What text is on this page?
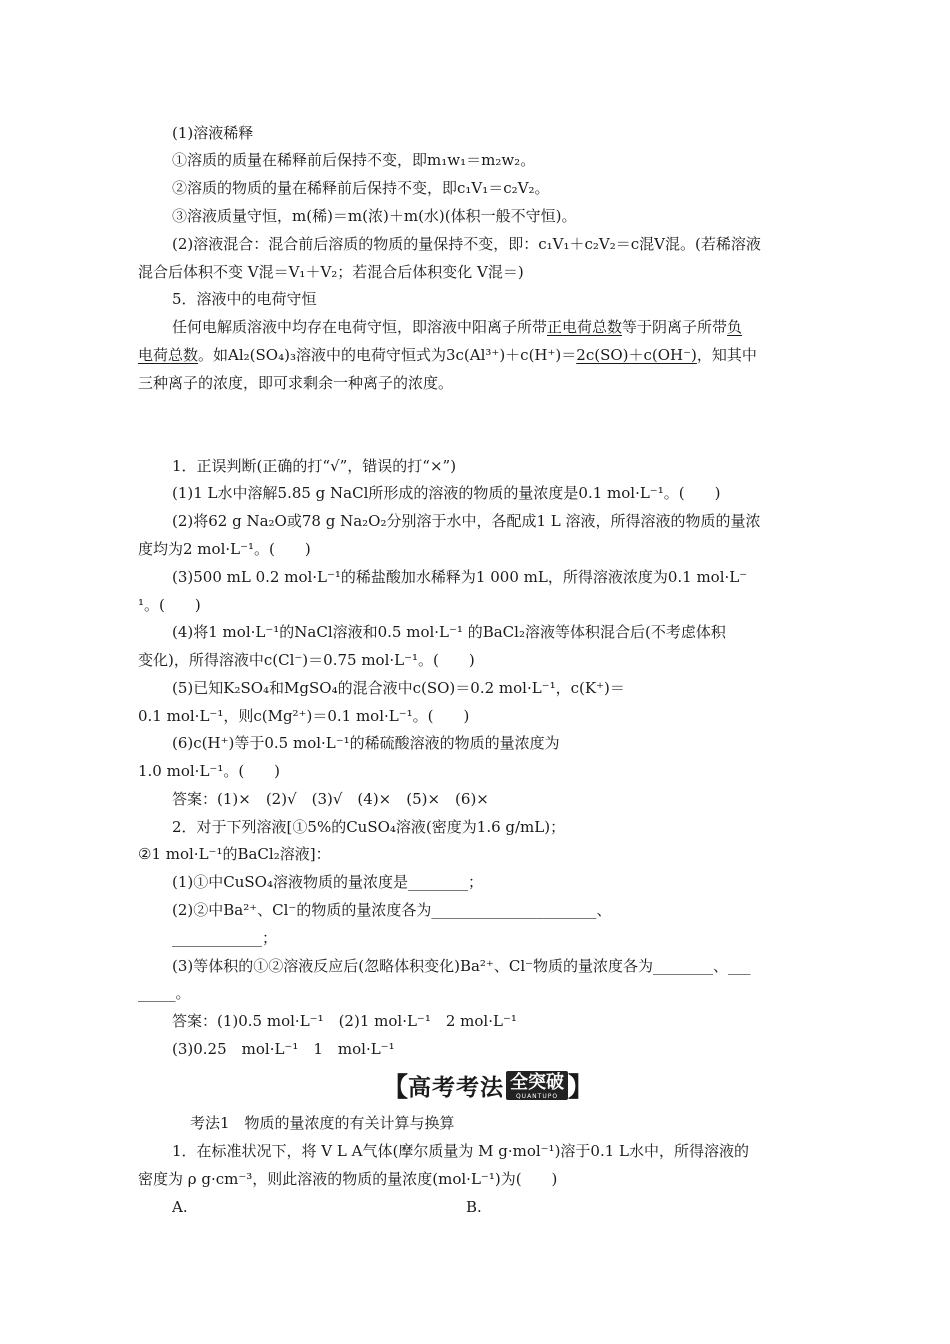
(1)溶液稀释
①溶质的质量在稀释前后保持不变，即m₁w₁＝m₂w₂。
②溶质的物质的量在稀释前后保持不变，即c₁V₁＝c₂V₂。
③溶液质量守恒，m(稀)＝m(浓)＋m(水)(体积一般不守恒)。
(2)溶液混合：混合前后溶质的物质的量保持不变，即：c₁V₁＋c₂V₂＝c混V混。(若稀溶液
混合后体积不变 V混＝V₁＋V₂；若混合后体积变化 V混＝)
5．溶液中的电荷守恒
任何电解质溶液中均存在电荷守恒，即溶液中阳离子所带正电荷总数等于阴离子所带负
电荷总数。如Al₂(SO₄)₃溶液中的电荷守恒式为3c(Al³⁺)＋c(H⁺)＝2c(SO)＋c(OH⁻)，知其中
三种离子的浓度，即可求剩余一种离子的浓度。
1．正误判断(正确的打“√”，错误的打“×”)
(1)1 L水中溶解5.85 g NaCl所形成的溶液的物质的量浓度是0.1 mol·L⁻¹。(　　)
(2)将62 g Na₂O或78 g Na₂O₂分别溶于水中，各配成1 L 溶液，所得溶液的物质的量浓
度均为2 mol·L⁻¹。(　　)
(3)500 mL 0.2 mol·L⁻¹的稀盐酸加水稀释为1 000 mL，所得溶液浓度为0.1 mol·L⁻
¹。(　　)
(4)将1 mol·L⁻¹的NaCl溶液和0.5 mol·L⁻¹ 的BaCl₂溶液等体积混合后(不考虑体积
变化)，所得溶液中c(Cl⁻)＝0.75 mol·L⁻¹。(　　)
(5)已知K₂SO₄和MgSO₄的混合液中c(SO)＝0.2 mol·L⁻¹，c(K⁺)＝
0.1 mol·L⁻¹，则c(Mg²⁺)＝0.1 mol·L⁻¹。(　　)
(6)c(H⁺)等于0.5 mol·L⁻¹的稀硫酸溶液的物质的量浓度为
1.0 mol·L⁻¹。(　　)
答案：(1)×　(2)√　(3)√　(4)×　(5)×　(6)×
2．对于下列溶液[①5%的CuSO₄溶液(密度为1.6 g/mL)；
②1 mol·L⁻¹的BaCl₂溶液]：
(1)①中CuSO₄溶液物质的量浓度是________；
(2)②中Ba²⁺、Cl⁻的物质的量浓度各为______________________、
____________；
(3)等体积的①②溶液反应后(忽略体积变化)Ba²⁺、Cl⁻物质的量浓度各为________、___
_____。
答案：(1)0.5 mol·L⁻¹　(2)1 mol·L⁻¹　2 mol·L⁻¹
(3)0.25　mol·L⁻¹　1　mol·L⁻¹
【 高考考法 全突破
QUANTUPO 】
考法1　物质的量浓度的有关计算与换算
1．在标准状况下，将 V L A气体(摩尔质量为 M g·mol⁻¹)溶于0.1 L水中，所得溶液的
密度为 ρ g·cm⁻³，则此溶液的物质的量浓度(mol·L⁻¹)为(　　)
A.	B.
